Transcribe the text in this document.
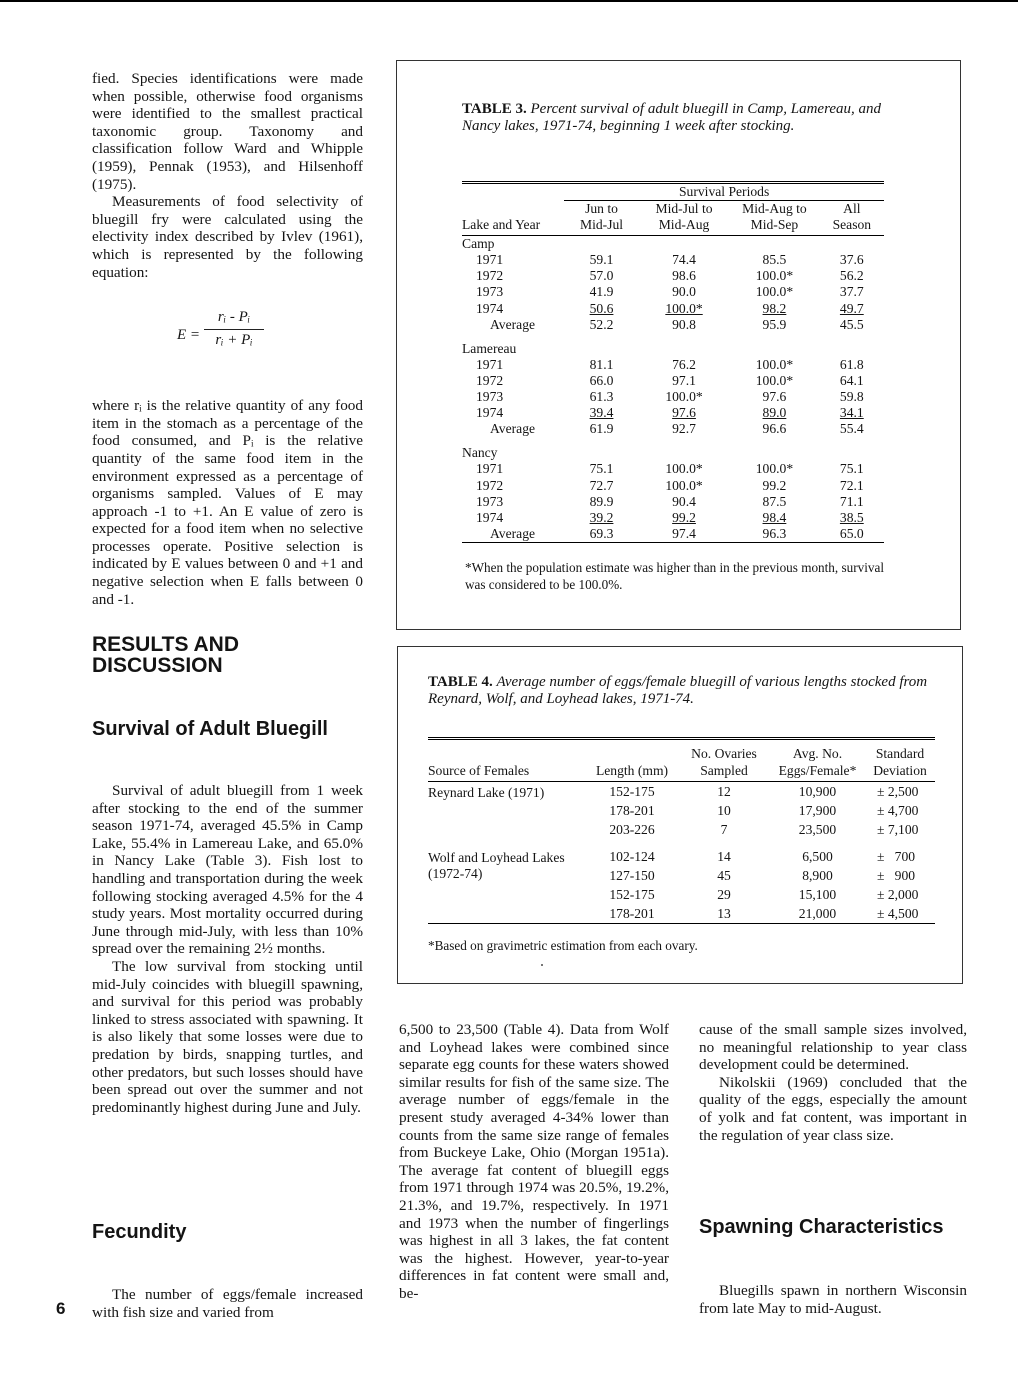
fied. Species identifications were made when possible, otherwise food organisms were identified to the smallest practical taxonomic group. Taxonomy and classification follow Ward and Whipple (1959), Pennak (1953), and Hilsenhoff (1975).

Measurements of food selectivity of bluegill fry were calculated using the electivity index described by Ivlev (1961), which is represented by the following equation:

$E = \frac{\text{rᵢ - Pᵢ}}{\text{rᵢ + Pᵢ}}$

where rᵢ is the relative quantity of any food item in the stomach as a percentage of the food consumed, and Pᵢ is the relative quantity of the same food item in the environment expressed as a percentage of organisms sampled. Values of E may approach -1 to +1. An E value of zero is expected for a food item when no selective processes operate. Positive selection is indicated by E values between 0 and +1 and negative selection when E falls between 0 and -1.

RESULTS AND DISCUSSION
Survival of Adult Bluegill
Fecundity	Spawning Characteristics

Survival of adult bluegill from 1 week after stocking to the end of the summer season 1971-74, averaged 45.5% in Camp Lake, 55.4% in Lamereau Lake, and 65.0% in Nancy Lake (Table 3). Fish lost to handling and transportation during the week following stocking averaged 4.5% for the 4 study years. Most mortality occurred during June through mid-July, with less than 10% spread over the remaining 2½ months.

The low survival from stocking until mid-July coincides with bluegill spawning, and survival for this period was probably linked to stress associated with spawning. It is also likely that some losses were due to predation by birds, snapping turtles, and other predators, but such losses should have been spread out over the summer and not predominantly highest during June and July.

The number of eggs/female increased with fish size and varied from

6,500 to 23,500 (Table 4). Data from Wolf and Loyhead lakes were combined since separate egg counts for these waters showed similar results for fish of the same size. The average number of eggs/female in the present study averaged 4-34% lower than counts from the same size range of females from Buckeye Lake, Ohio (Morgan 1951a). The average fat content of bluegill eggs from 1971 through 1974 was 20.5%, 19.2%, 21.3%, and 19.7%, respectively. In 1971 and 1973 when the number of fingerlings was highest in all 3 lakes, the fat content was the highest. However, year-to-year differences in fat content were small and, be-

cause of the small sample sizes involved, no meaningful relationship to year class development could be determined.

Nikolskii (1969) concluded that the quality of the eggs, especially the amount of yolk and fat content, was important in the regulation of year class size.

Bluegills spawn in northern Wisconsin from late May to mid-August.

TABLE 3. Percent survival of adult bluegill in Camp, Lamereau, and Nancy lakes, 1971-74, beginning 1 week after stocking.
	Survival Periods			
Lake and Year	Jun to Mid-Jul	Mid-Jul to Mid-Aug	Mid-Aug to Mid-Sep	All Season
Camp				
1971	59.1	74.4	85.5	37.6
1972	57.0	98.6	100.0*	56.2
1973	41.9	90.0	100.0*	37.7
1974	50.6	100.0*	98.2	49.7
Average	52.2	90.8	95.9	45.5

Lamereau				
1971	81.1	76.2	100.0*	61.8
1972	66.0	97.1	100.0*	64.1
1973	61.3	100.0*	97.6	59.8
1974	39.4	97.6	89.0	34.1
Average	61.9	92.7	96.6	55.4

Nancy				
1971	75.1	100.0*	100.0*	75.1
1972	72.7	100.0*	99.2	72.1
1973	89.9	90.4	87.5	71.1
1974	39.2	99.2	98.4	38.5
Average	69.3	97.4	96.3	65.0
*When the population estimate was higher than in the previous month, survival was considered to be 100.0%.
TABLE 4. Average number of eggs/female bluegill of various lengths stocked from Reynard, Wolf, and Loyhead lakes, 1971-74.
Source of Females	Length (mm)	No. Ovaries Sampled	Avg. No. Eggs/Female*	Standard Deviation
Reynard Lake (1971)	152-175	12	10,900	± 2,500
	178-201	10	17,900	± 4,700
	203-226	7	23,500	± 7,100

Wolf and Loyhead Lakes (1972-74)	102-124	14	6,500	±   700
	127-150	45	8,900	±   900
	152-175	29	15,100	± 2,000
	178-201	13	21,000	± 4,500
*Based on gravimetric estimation from each ovary.
6
